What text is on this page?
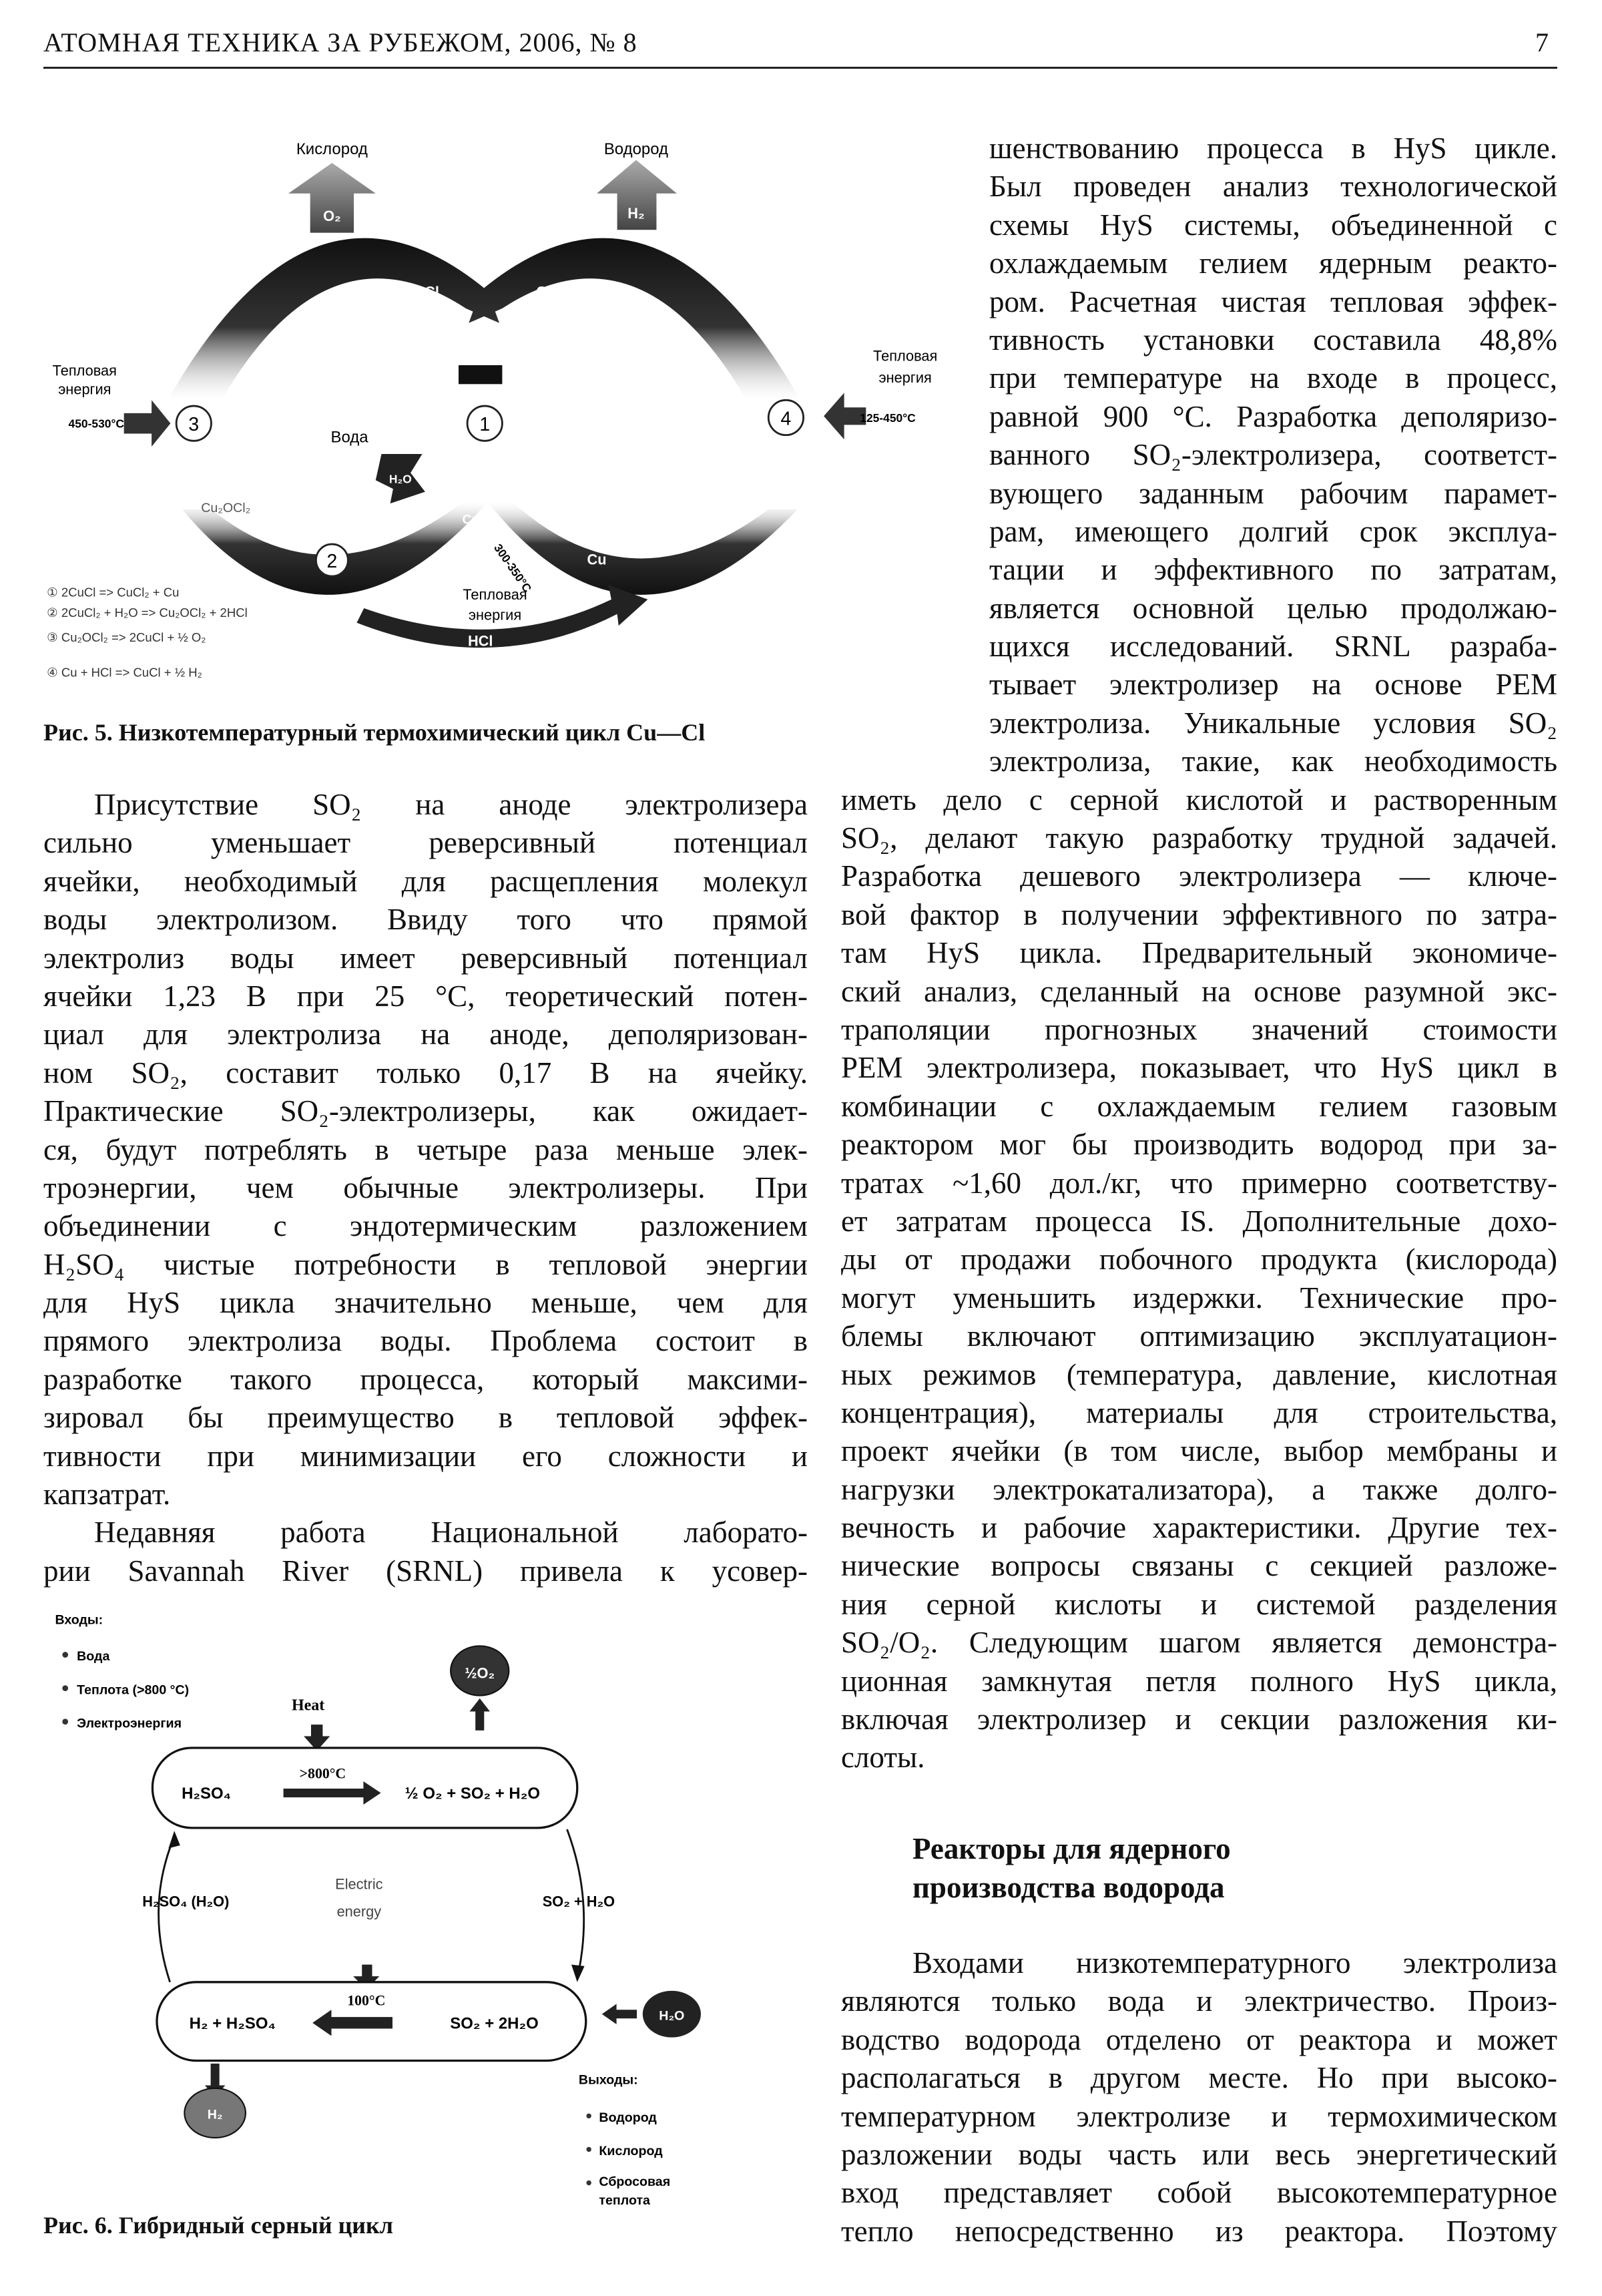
АТОМНАЯ ТЕХНИКА ЗА РУБЕЖОМ, 2006, № 8	7
Кислород
O₂
Водород
H₂
CuCl	CuCl
3	1	4
Тепловая
энергия
450-530°C
Тепловая
энергия
125-450°C
Вода
H₂O
Cu₂OCl₂
CuCl₂
Cu
2
HCl
Тепловая
энергия
300-350°C
① 2CuCl => CuCl₂ + Cu
② 2CuCl₂ + H₂O => Cu₂OCl₂ + 2HCl
③ Cu₂OCl₂ => 2CuCl + ½ O₂
④ Cu + HCl => CuCl + ½ H₂
Рис. 5. Низкотемпературный термохимический цикл Cu—Cl
Входы:
Вода
Теплота (>800 °C)
Электроэнергия
Heat
½O₂
H₂SO₄
>800°C
½ O₂ + SO₂ + H₂O
H₂SO₄ (H₂O)
Electric
energy
SO₂ + H₂O
100°C
H₂ + H₂SO₄	SO₂ + 2H₂O	H₂O
H₂
Выходы:
Водород
Кислород
Сбросовая
теплота
Рис. 6. Гибридный серный цикл
Присутствие SO₂ на аноде электролизера
сильно уменьшает реверсивный потенциал
ячейки, необходимый для расщепления молекул
воды электролизом. Ввиду того что прямой
электролиз воды имеет реверсивный потенциал
ячейки 1,23 В при 25 °С, теоретический потен-
циал для электролиза на аноде, деполяризован-
ном SO₂, составит только 0,17 В на ячейку.
Практические SO₂-электролизеры, как ожидает-
ся, будут потреблять в четыре раза меньше элек-
троэнергии, чем обычные электролизеры. При
объединении с эндотермическим разложением
H₂SO₄ чистые потребности в тепловой энергии
для HyS цикла значительно меньше, чем для
прямого электролиза воды. Проблема состоит в
разработке такого процесса, который максими-
зировал бы преимущество в тепловой эффек-
тивности при минимизации его сложности и
капзатрат.
Недавняя работа Национальной лаборато-
рии Savannah River (SRNL) привела к усовер-
шенствованию процесса в HyS цикле.
Был проведен анализ технологической
схемы HyS системы, объединенной с
охлаждаемым гелием ядерным реакто-
ром. Расчетная чистая тепловая эффек-
тивность установки составила 48,8%
при температуре на входе в процесс,
равной 900 °С. Разработка деполяризо-
ванного SO₂-электролизера, соответст-
вующего заданным рабочим парамет-
рам, имеющего долгий срок эксплуа-
тации и эффективного по затратам,
является основной целью продолжаю-
щихся исследований. SRNL разраба-
тывает электролизер на основе PEM
электролиза. Уникальные условия SO₂
электролиза, такие, как необходимость
иметь дело с серной кислотой и растворенным
SO₂, делают такую разработку трудной задачей.
Разработка дешевого электролизера — ключе-
вой фактор в получении эффективного по затра-
там HyS цикла. Предварительный экономиче-
ский анализ, сделанный на основе разумной экс-
траполяции прогнозных значений стоимости
PEM электролизера, показывает, что HyS цикл в
комбинации с охлаждаемым гелием газовым
реактором мог бы производить водород при за-
тратах ~1,60 дол./кг, что примерно соответству-
ет затратам процесса IS. Дополнительные дохо-
ды от продажи побочного продукта (кислорода)
могут уменьшить издержки. Технические про-
блемы включают оптимизацию эксплуатацион-
ных режимов (температура, давление, кислотная
концентрация), материалы для строительства,
проект ячейки (в том числе, выбор мембраны и
нагрузки электрокатализатора), а также долго-
вечность и рабочие характеристики. Другие тех-
нические вопросы связаны с секцией разложе-
ния серной кислоты и системой разделения
SO₂/O₂. Следующим шагом является демонстра-
ционная замкнутая петля полного HyS цикла,
включая электролизер и секции разложения ки-
слоты.
Реакторы для ядерного
производства водорода
Входами низкотемпературного электролиза
являются только вода и электричество. Произ-
водство водорода отделено от реактора и может
располагаться в другом месте. Но при высоко-
температурном электролизе и термохимическом
разложении воды часть или весь энергетический
вход представляет собой высокотемпературное
тепло непосредственно из реактора. Поэтому
